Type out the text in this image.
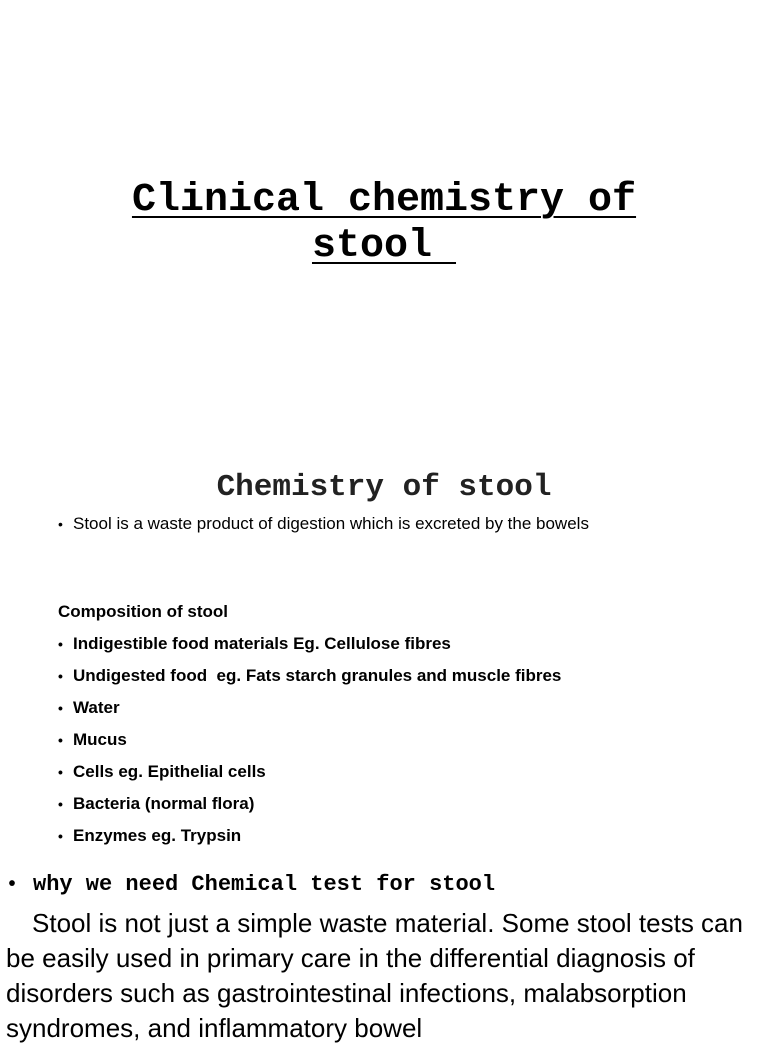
Clinical chemistry of
stool
Chemistry of stool
• Stool is a waste product of digestion which is excreted by the bowels
Composition of stool
• Indigestible food materials Eg. Cellulose fibres
• Undigested food  eg. Fats starch granules and muscle fibres
• Water
• Mucus
• Cells eg. Epithelial cells
• Bacteria (normal flora)
• Enzymes eg. Trypsin
• why we need Chemical test for stool

Stool is not just a simple waste material. Some stool tests can be easily used in primary care in the differential diagnosis of disorders such as gastrointestinal infections, malabsorption syndromes, and inflammatory bowel
